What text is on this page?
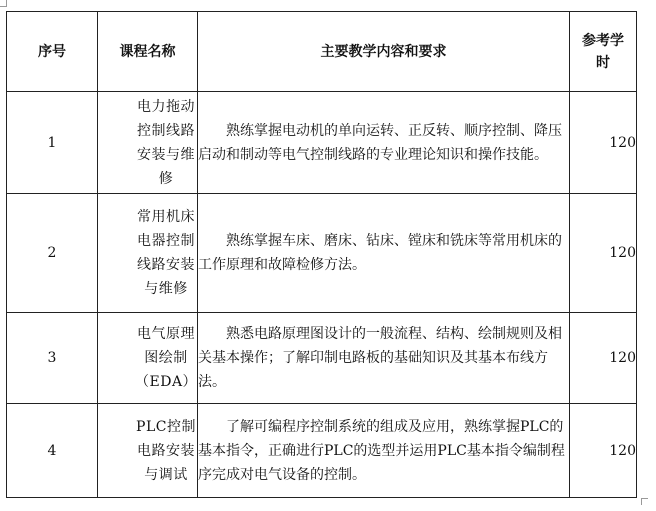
序号	课程名称	主要教学内容和要求	参考学时
1	电力拖动控制线路安装与维修	熟练掌握电动机的单向运转、正反转、顺序控制、降压启动和制动等电气控制线路的专业理论知识和操作技能。	120
2	常用机床电器控制线路安装与维修	熟练掌握车床、磨床、钻床、镗床和铣床等常用机床的工作原理和故障检修方法。	120
3	电气原理图绘制（EDA）	熟悉电路原理图设计的一般流程、结构、绘制规则及相关基本操作；了解印制电路板的基础知识及其基本布线方法。	120
4	PLC控制电路安装与调试	了解可编程序控制系统的组成及应用，熟练掌握PLC的基本指令，正确进行PLC的选型并运用PLC基本指令编制程序完成对电气设备的控制。	120
